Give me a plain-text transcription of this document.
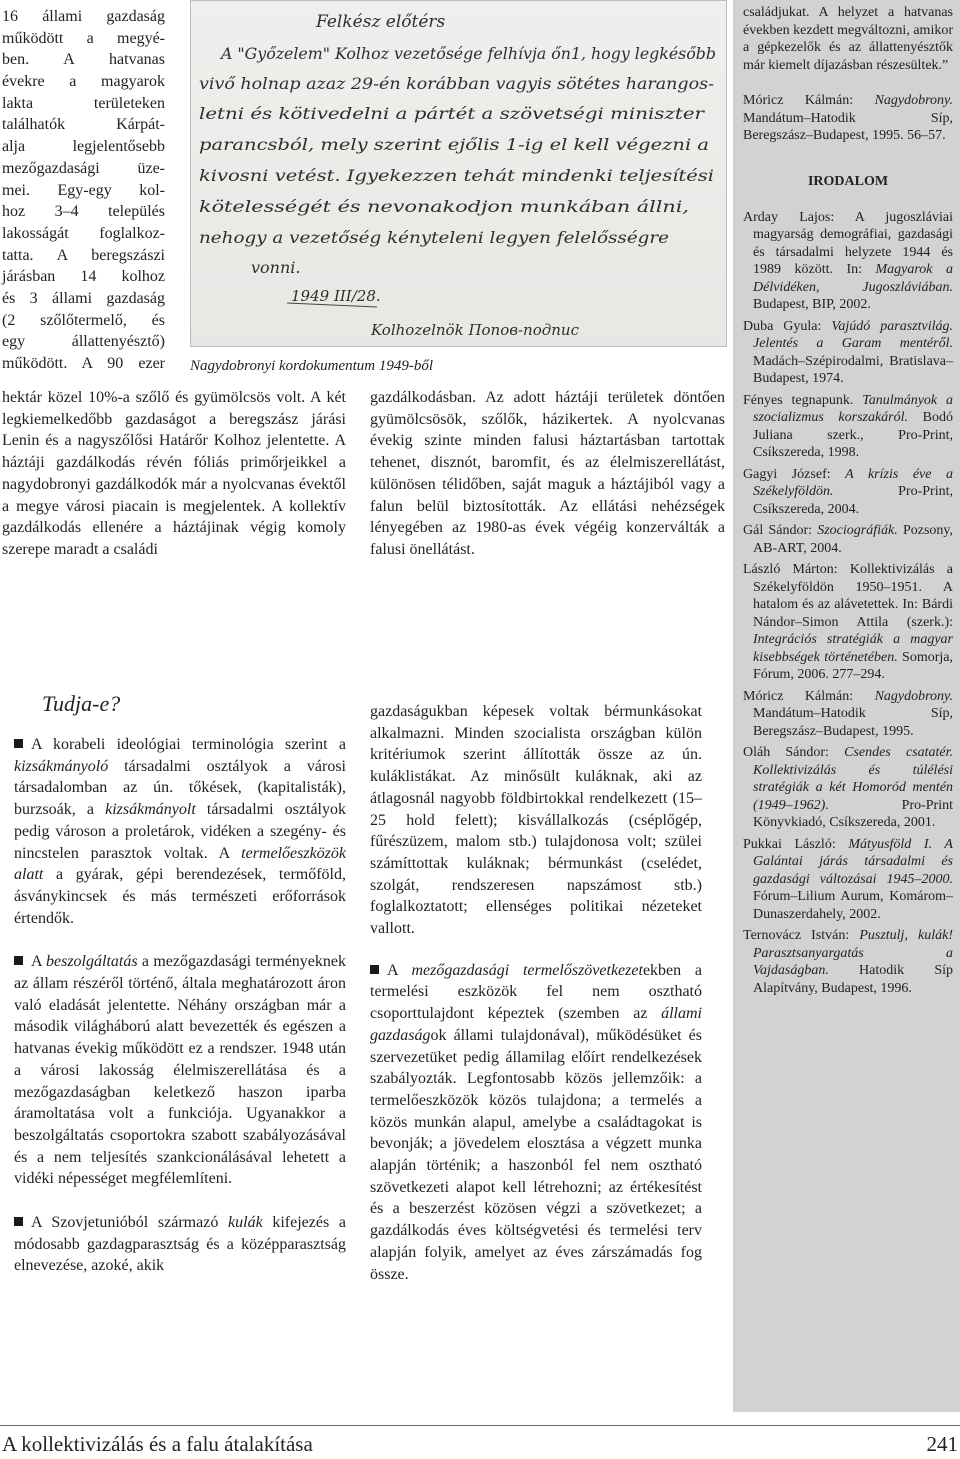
16 állami gazdaság
működött a megyé-
ben. A hatvanas
évekre a magyarok
lakta területeken
találhatók Kárpát-
alja legjelentősebb
mezőgazdasági üze-
mei. Egy-egy kol-
hoz 3–4 település
lakosságát foglalkoz-
tatta. A beregszászi
járásban 14 kolhoz
és 3 állami gazdaság
(2 szőlőtermelő, és
egy állattenyésztő)
működött. A 90 ezer
Felkész előtérs
A "Győzelem" Kolhoz vezetősége felhívja őn1, hogy legkésőbb
vivő holnap azaz 29-én korábban vagyis sötétes harangos-
letni és kötivedelni a pártét a szövetségi miniszter
parancsból, mely szerint ejőlis 1-ig el kell végezni a
kivosni vetést. Igyekezzen tehát mindenki teljesítési
kötelességét és nevonakodjon munkában állni,
nehogy a vezetőség kényteleni legyen felelősségre
vonni.
1949 III/28.
Kolhozelnök Попов-подпис
Nagydobronyi kordokumentum 1949-ből

hektár közel 10%-a szőlő és gyümölcsös volt. A két legkiemelkedőbb gazdaságot a beregszász járási Lenin és a nagyszőlősi Határőr Kolhoz jelentette. A háztáji gazdálkodás révén fóliás primőrjeikkel a nagydobronyi gazdálkodók már a nyolcvanas évektől a megye városi piacain is megjelentek. A kollektív gazdálkodás ellenére a háztájinak végig komoly szerepe maradt a családi

gazdálkodásban. Az adott háztáji területek döntően gyümölcsösök, szőlők, házikertek. A nyolcvanas évekig szinte minden falusi háztartásban tartottak tehenet, disznót, baromfit, és az élelmiszerellátást, különösen télidőben, saját maguk a háztájiból vagy a falun belül biztosították. Az ellátási nehézségek lényegében az 1980-as évek végéig konzerválták a falusi önellátást.

Tudja-e?

A korabeli ideológiai terminológia szerint a kizsákmányoló társadalmi osztályok a városi társadalomban az ún. tőkések, (kapitalisták), burzsoák, a kizsákmányolt társadalmi osztályok pedig városon a proletárok, vidéken a szegény- és nincstelen parasztok voltak. A termelőeszközök alatt a gyárak, gépi berendezések, termőföld, ásványkincsek és más természeti erőforrások értendők.

A beszolgáltatás a mezőgazdasági terményeknek az állam részéről történő, általa meghatározott áron való eladását jelentette. Néhány országban már a második világháború alatt bevezették és egészen a hatvanas évekig működött ez a rendszer. 1948 után a városi lakosság élelmiszerellátása és a mezőgazdaságban keletkező haszon iparba áramoltatása volt a funkciója. Ugyanakkor a beszolgáltatás csoportokra szabott szabályozásával és a nem teljesítés szankcionálásával lehetett a vidéki népességet megfélemlíteni.

A Szovjetunióból származó kulák kifejezés a módosabb gazdagparasztság és a középparasztság elnevezése, azoké, akik

gazdaságukban képesek voltak bérmunkásokat alkalmazni. Minden szocialista országban külön kritériumok szerint állították össze az ún. kuláklistákat. Az minősült kuláknak, aki az átlagosnál nagyobb földbirtokkal rendelkezett (15–25 hold felett); kisvállalkozás (cséplőgép, fűrészüzem, malom stb.) tulajdonosa volt; szülei számíttottak kuláknak; bérmunkást (cselédet, szolgát, rendszeresen napszámost stb.) foglalkoztatott; ellenséges politikai nézeteket vallott.

A mezőgazdasági termelőszövetkezetekben a termelési eszközök fel nem osztható csoporttulajdont képeztek (szemben az állami gazdaságok állami tulajdonával), működésüket és szervezetüket pedig államilag előírt rendelkezések szabályozták. Legfontosabb közös jellemzőik: a termelőeszközök közös tulajdona; a termelés a közös munkán alapul, amelybe a családtagokat is bevonják; a jövedelem elosztása a végzett munka alapján történik; a haszonból fel nem osztható szövetkezeti alapot kell létrehozni; az értékesítést és a beszerzést közösen végzi a szövetkezet; a gazdálkodás éves költségvetési és termelési terv alapján folyik, amelyet az éves zárszámadás fog össze.

családjukat. A helyzet a hatvanas években kezdett megváltozni, amikor a gépkezelők és az állattenyésztők már kiemelt díjazásban részesültek.”

Móricz Kálmán: Nagydobrony. Mandátum–Hatodik Síp, Beregszász–Budapest, 1995. 56–57.

IRODALOM

Arday Lajos: A jugoszláviai magyarság demográfiai, gazdasági és társadalmi helyzete 1944 és 1989 között. In: Magyarok a Délvidéken, Jugoszláviában. Budapest, BIP, 2002.

Duba Gyula: Vajúdó parasztvilág. Jelentés a Garam mentéről. Madách–Szépirodalmi, Bratislava–Budapest, 1974.

Fényes tegnapunk. Tanulmányok a szocializmus korszakáról. Bodó Juliana szerk., Pro-Print, Csíkszereda, 1998.

Gagyi József: A krízis éve a Székelyföldön. Pro-Print, Csíkszereda, 2004.

Gál Sándor: Szociográfiák. Pozsony, AB-ART, 2004.

László Márton: Kollektivizálás a Székelyföldön 1950–1951. A hatalom és az alávetettek. In: Bárdi Nándor–Simon Attila (szerk.): Integrációs stratégiák a magyar kisebbségek történetében. Somorja, Fórum, 2006. 277–294.

Móricz Kálmán: Nagydobrony. Mandátum–Hatodik Síp, Beregszász–Budapest, 1995.

Oláh Sándor: Csendes csatatér. Kollektivizálás és túlélési stratégiák a két Homoród mentén (1949–1962). Pro-Print Könyvkiadó, Csíkszereda, 2001.

Pukkai László: Mátyusföld I. A Galántai járás társadalmi és gazdasági változásai 1945–2000. Fórum–Lilium Aurum, Komárom–Dunaszerdahely, 2002.

Ternovácz István: Pusztulj, kulák! Parasztsanyargatás a Vajdaságban. Hatodik Síp Alapítvány, Budapest, 1996.

A kollektivizálás és a falu átalakítása	241
